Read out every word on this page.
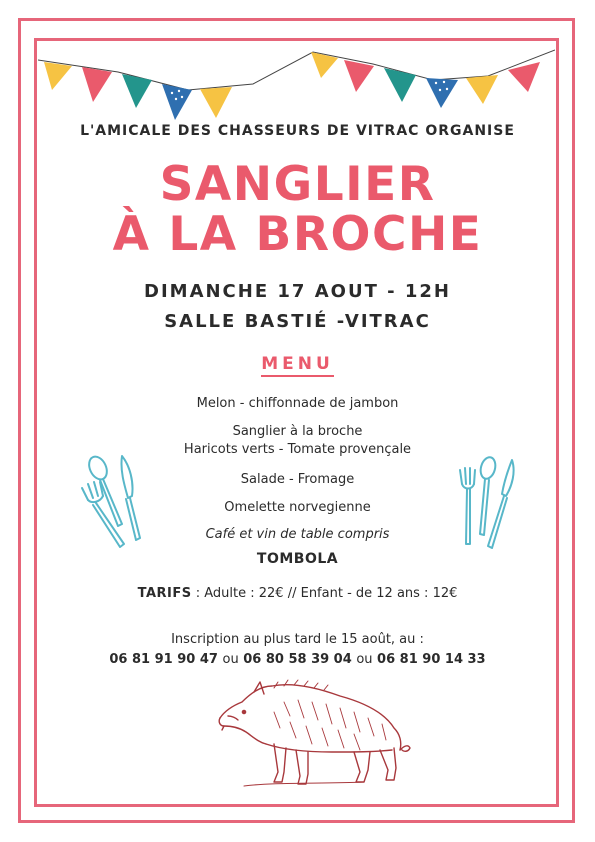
L'AMICALE DES CHASSEURS DE VITRAC ORGANISE
SANGLIER
À LA BROCHE
DIMANCHE 17 AOUT - 12H
SALLE BASTIÉ -VITRAC
MENU
Melon - chiffonnade de jambon
Sanglier à la broche
Haricots verts - Tomate provençale
Salade - Fromage
Omelette norvegienne
Café et vin de table compris
TOMBOLA
TARIFS : Adulte : 22€ // Enfant - de 12 ans : 12€
Inscription au plus tard le 15 août, au :
06 81 91 90 47 ou 06 80 58 39 04 ou 06 81 90 14 33
